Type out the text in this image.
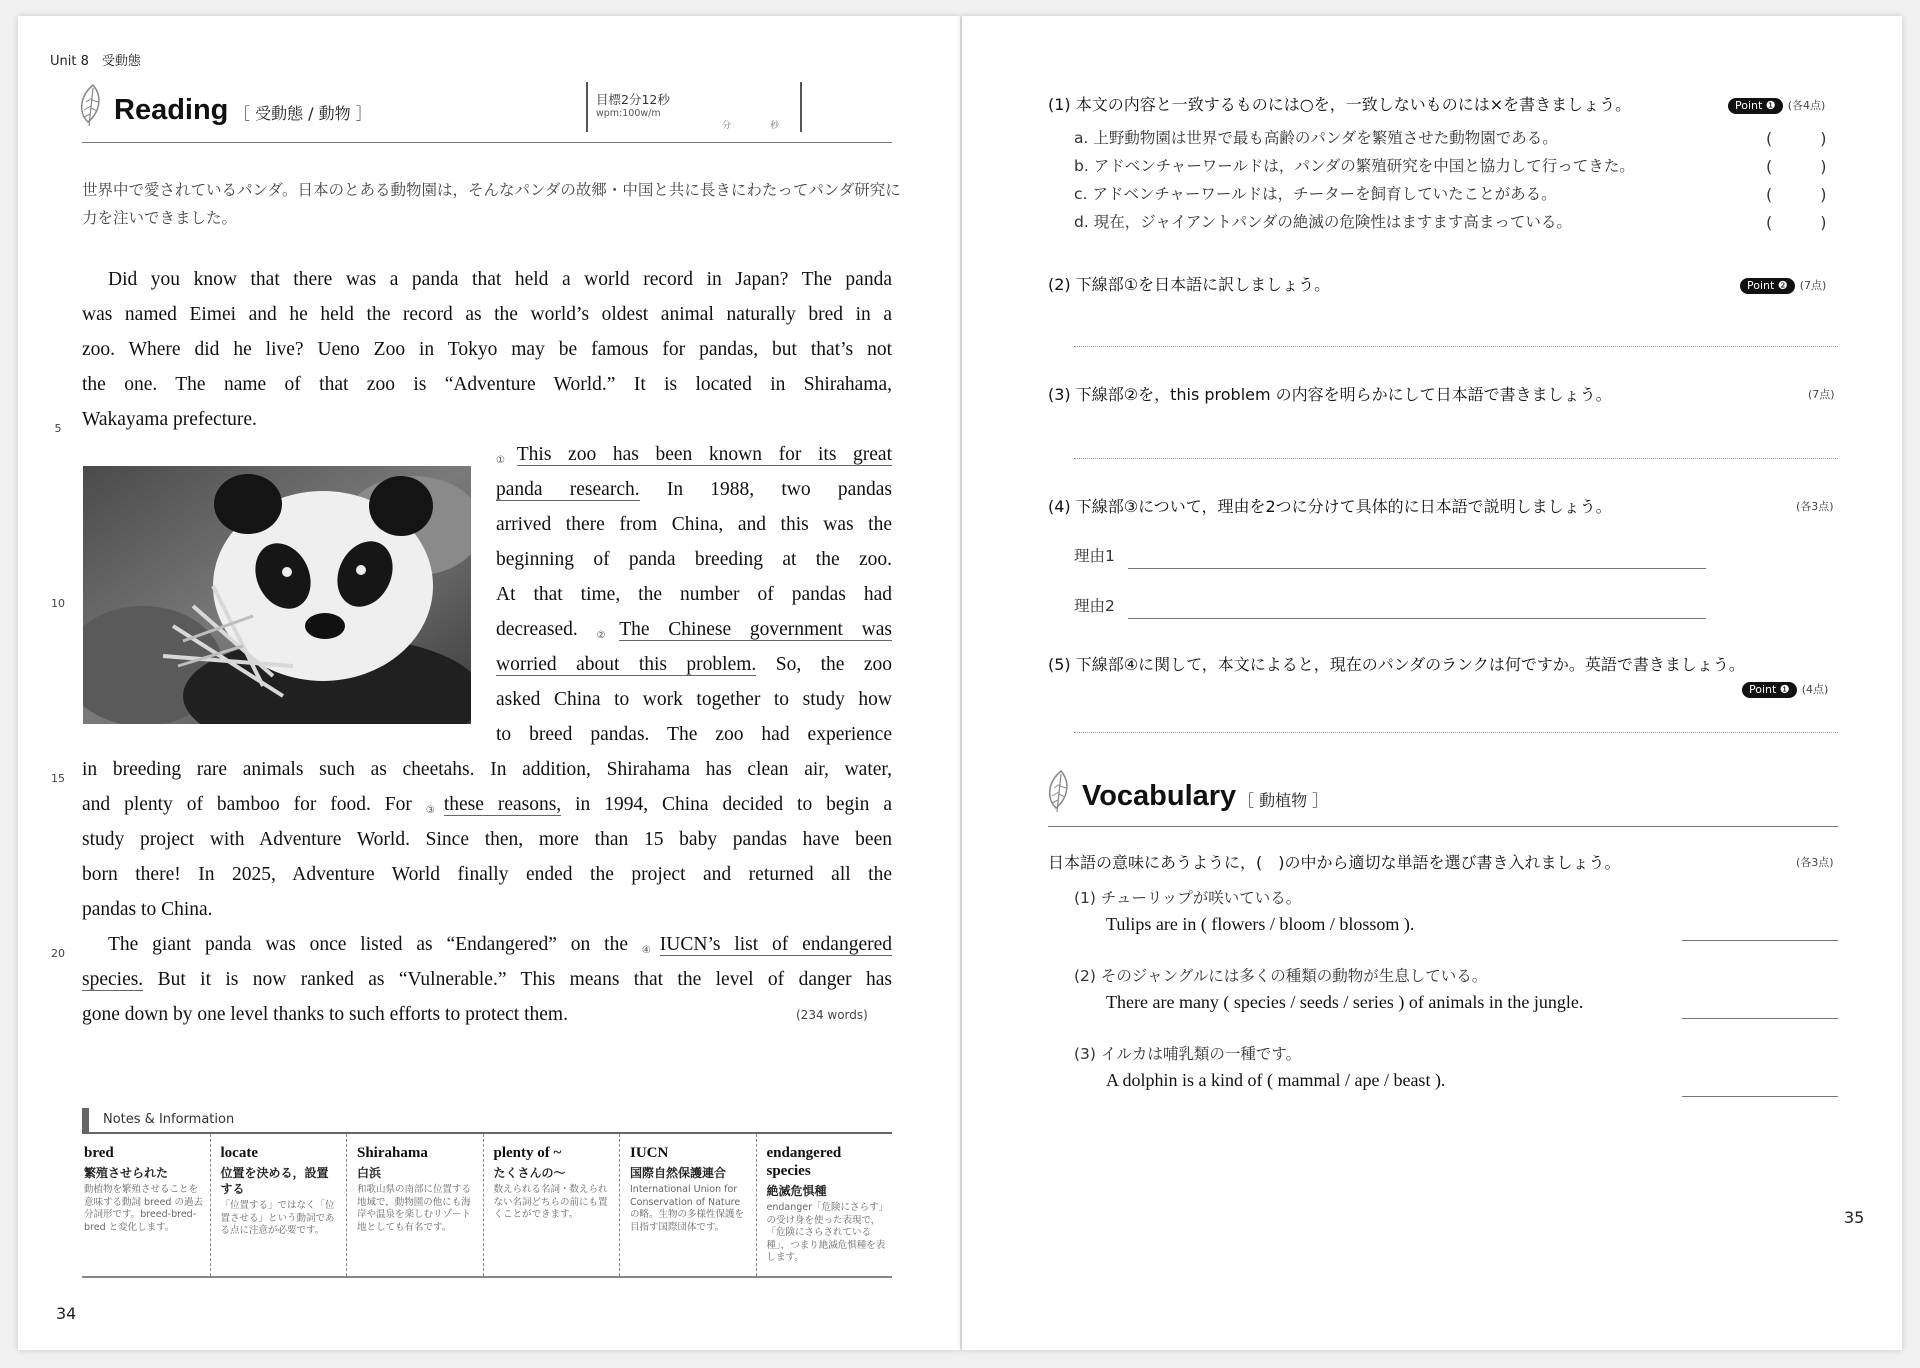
Unit 8　受動態
Reading ［ 受動態 / 動物 ］
目標2分12秒
wpm:100w/m
分	秒
世界中で愛されているパンダ。日本のとある動物園は，そんなパンダの故郷・中国と共に長きにわたってパンダ研究に力を注いできました。
Did you know that there was a panda that held a world record in Japan? The panda
was named Eimei and he held the record as the world’s oldest animal naturally bred in a
zoo. Where did he live? Ueno Zoo in Tokyo may be famous for pandas, but that’s not
the one. The name of that zoo is “Adventure World.” It is located in Shirahama,
Wakayama prefecture.
①This zoo has been known for its great
panda research. In 1988, two pandas
arrived there from China, and this was the
beginning of panda breeding at the zoo.
At that time, the number of pandas had
decreased. ②The Chinese government was
worried about this problem. So, the zoo
asked China to work together to study how
to breed pandas. The zoo had experience
in breeding rare animals such as cheetahs. In addition, Shirahama has clean air, water,
and plenty of bamboo for food. For ③these reasons, in 1994, China decided to begin a
study project with Adventure World. Since then, more than 15 baby pandas have been
born there! In 2025, Adventure World finally ended the project and returned all the
pandas to China.
The giant panda was once listed as “Endangered” on the ④IUCN’s list of endangered
species. But it is now ranked as “Vulnerable.” This means that the level of danger has
gone down by one level thanks to such efforts to protect them.	(234 words)
5
10
15
20
Notes & Information
bred
繁殖させられた
動植物を繁殖させることを意味する動詞 breed の過去分詞形です。breed-bred-bred と変化します。
locate
位置を決める，設置する
「位置する」ではなく「位置させる」という動詞である点に注意が必要です。
Shirahama
白浜
和歌山県の南部に位置する地域で，動物園の他にも海岸や温泉を楽しむリゾート地としても有名です。
plenty of ~
たくさんの～
数えられる名詞・数えられない名詞どちらの前にも置くことができます。
IUCN
国際自然保護連合
International Union for Conservation of Nature の略。生物の多様性保護を目指す国際団体です。
endangered species
絶滅危惧種
endanger「危険にさらす」の受け身を使った表現で，「危険にさらされている種」，つまり絶滅危惧種を表します。
34
(1) 本文の内容と一致するものには○を，一致しないものには×を書きましょう。	Point ❶ (各4点)
a. 上野動物園は世界で最も高齢のパンダを繁殖させた動物園である。
b. アドベンチャーワールドは，パンダの繁殖研究を中国と協力して行ってきた。
c. アドベンチャーワールドは，チーターを飼育していたことがある。
d. 現在，ジャイアントパンダの絶滅の危険性はますます高まっている。
(　　　)
(　　　)
(　　　)
(　　　)
(2) 下線部①を日本語に訳しましょう。	Point ❷ (7点)
(3) 下線部②を，this problem の内容を明らかにして日本語で書きましょう。	(7点)
(4) 下線部③について，理由を2つに分けて具体的に日本語で説明しましょう。	(各3点)
理由1
理由2
(5) 下線部④に関して，本文によると，現在のパンダのランクは何ですか。英語で書きましょう。
Point ❶ (4点)
Vocabulary ［ 動植物 ］
日本語の意味にあうように，(　)の中から適切な単語を選び書き入れましょう。	(各3点)
(1) チューリップが咲いている。
Tulips are in ( flowers / bloom / blossom ).
(2) そのジャングルには多くの種類の動物が生息している。
There are many ( species / seeds / series ) of animals in the jungle.
(3) イルカは哺乳類の一種です。
A dolphin is a kind of ( mammal / ape / beast ).
35
